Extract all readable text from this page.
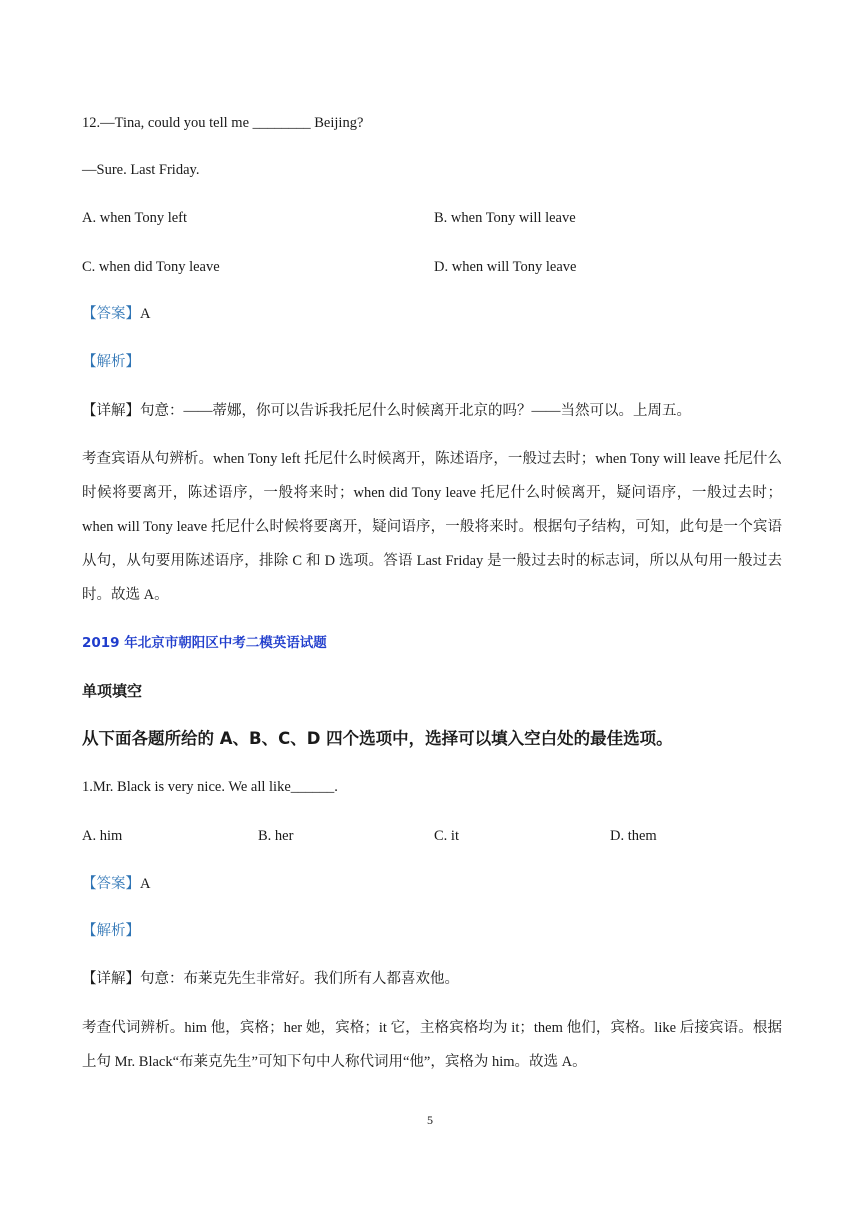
12.—Tina, could you tell me ________ Beijing?
—Sure. Last Friday.
A. when Tony left	B. when Tony will leave
C. when did Tony leave	D. when will Tony leave
【答案】A
【解析】
【详解】句意：——蒂娜，你可以告诉我托尼什么时候离开北京的吗？——当然可以。上周五。
考查宾语从句辨析。when Tony left 托尼什么时候离开，陈述语序，一般过去时；when Tony will leave 托尼什么时候将要离开，陈述语序，一般将来时；when did Tony leave 托尼什么时候离开，疑问语序，一般过去时；when will Tony leave 托尼什么时候将要离开，疑问语序，一般将来时。根据句子结构，可知，此句是一个宾语从句，从句要用陈述语序，排除 C 和 D 选项。答语 Last Friday 是一般过去时的标志词，所以从句用一般过去时。故选 A。
2019 年北京市朝阳区中考二模英语试题
单项填空
从下面各题所给的 A、B、C、D 四个选项中，选择可以填入空白处的最佳选项。
1.Mr. Black is very nice. We all like______.
A. him	B. her	C. it	D. them
【答案】A
【解析】
【详解】句意：布莱克先生非常好。我们所有人都喜欢他。
考查代词辨析。him 他，宾格；her 她，宾格；it 它，主格宾格均为 it；them 他们，宾格。like 后接宾语。根据上句 Mr. Black“布莱克先生”可知下句中人称代词用“他”，宾格为 him。故选 A。
5
